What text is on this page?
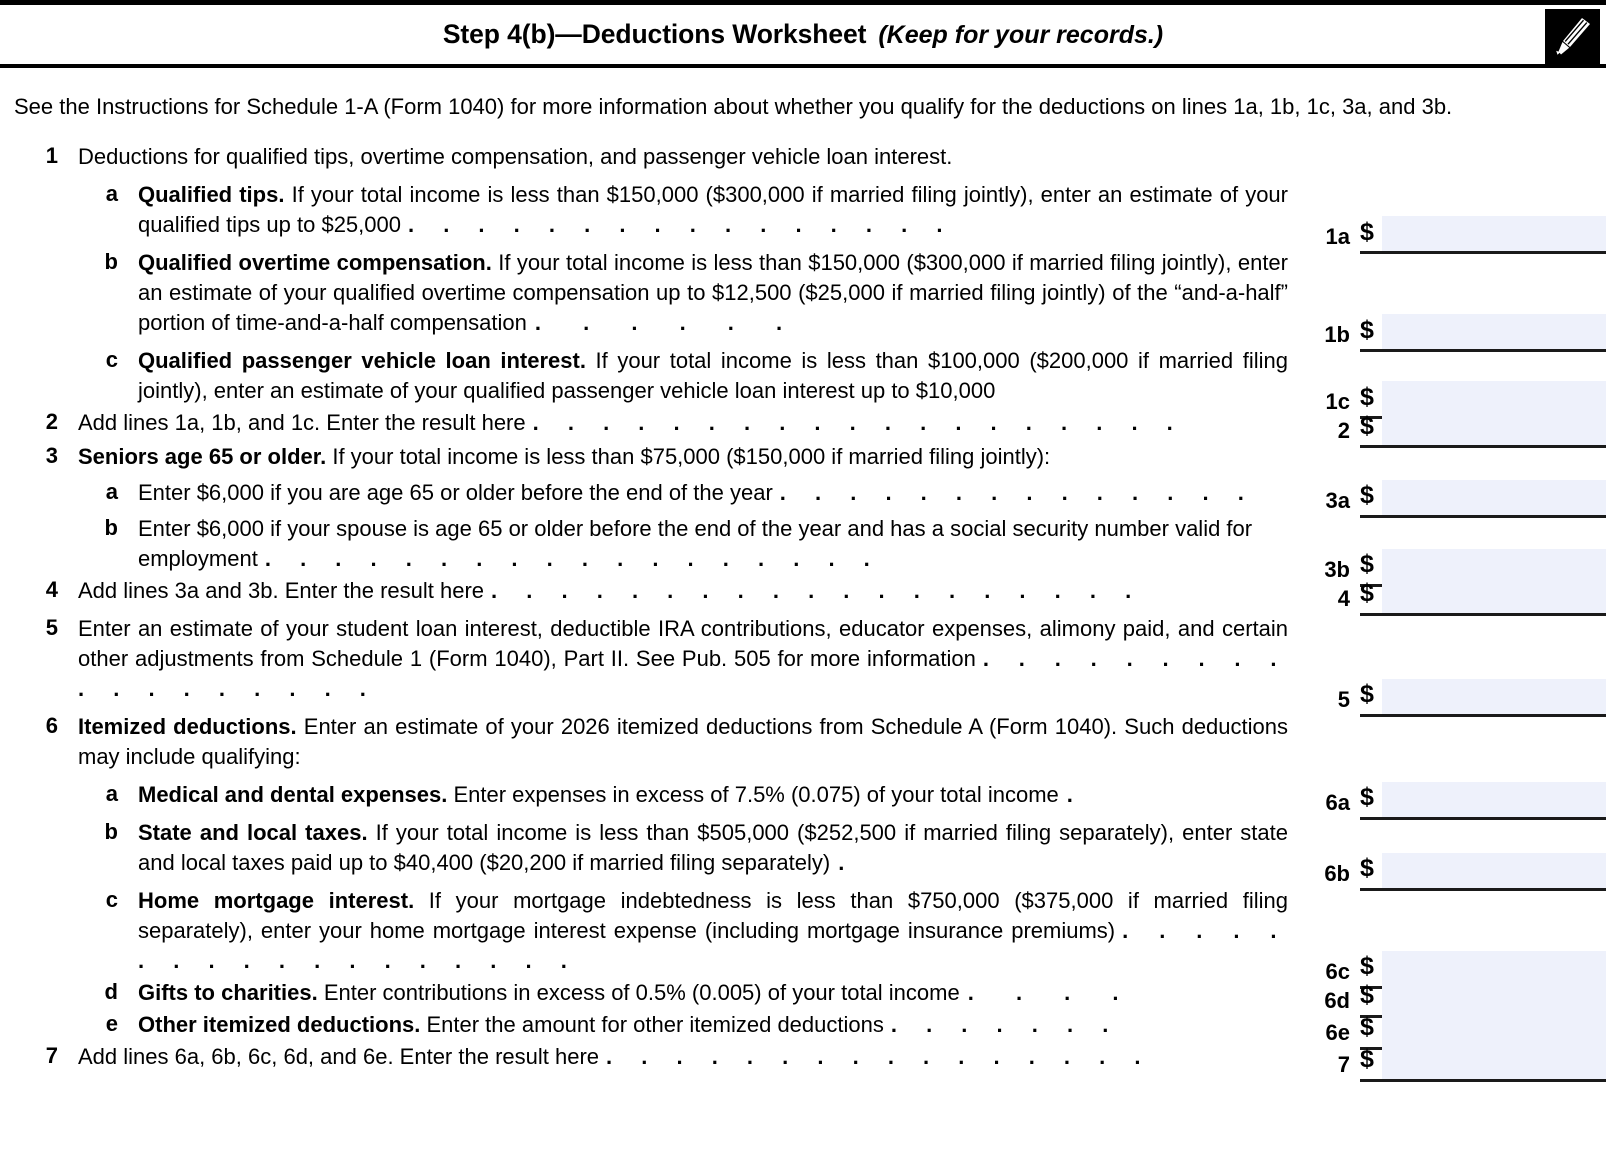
Step 4(b)—Deductions Worksheet (Keep for your records.)
See the Instructions for Schedule 1-A (Form 1040) for more information about whether you qualify for the deductions on lines 1a, 1b, 1c, 3a, and 3b.
1 Deductions for qualified tips, overtime compensation, and passenger vehicle loan interest.
a Qualified tips. If your total income is less than $150,000 ($300,000 if married filing jointly), enter an estimate of your qualified tips up to $25,000 . . . . . . . . . . . . . . . .	1a $
b Qualified overtime compensation. If your total income is less than $150,000 ($300,000 if married filing jointly), enter an estimate of your qualified overtime compensation up to $12,500 ($25,000 if married filing jointly) of the “and-a-half” portion of time-and-a-half compensation . . . . . .	1b $
c Qualified passenger vehicle loan interest. If your total income is less than $100,000 ($200,000 if married filing jointly), enter an estimate of your qualified passenger vehicle loan interest up to $10,000	1c $
2 Add lines 1a, 1b, and 1c. Enter the result here . . . . . . . . . . . . . . . . . . .	2 $
3 Seniors age 65 or older. If your total income is less than $75,000 ($150,000 if married filing jointly):
a Enter $6,000 if you are age 65 or older before the end of the year . . . . . . . . . . . . . .	3a $
b Enter $6,000 if your spouse is age 65 or older before the end of the year and has a social security number valid for employment . . . . . . . . . . . . . . . . . .	3b $
4 Add lines 3a and 3b. Enter the result here . . . . . . . . . . . . . . . . . . .	4 $
5 Enter an estimate of your student loan interest, deductible IRA contributions, educator expenses, alimony paid, and certain other adjustments from Schedule 1 (Form 1040), Part II. See Pub. 505 for more information . . . . . . . . . . . . . . . . . .	5 $
6 Itemized deductions. Enter an estimate of your 2026 itemized deductions from Schedule A (Form 1040). Such deductions may include qualifying:
a Medical and dental expenses. Enter expenses in excess of 7.5% (0.075) of your total income .	6a $
b State and local taxes. If your total income is less than $505,000 ($252,500 if married filing separately), enter state and local taxes paid up to $40,400 ($20,200 if married filing separately) .	6b $
c Home mortgage interest. If your mortgage indebtedness is less than $750,000 ($375,000 if married filing separately), enter your home mortgage interest expense (including mortgage insurance premiums) . . . . . . . . . . . . . . . . . .	6c $
d Gifts to charities. Enter contributions in excess of 0.5% (0.005) of your total income . . . .	6d $
e Other itemized deductions. Enter the amount for other itemized deductions . . . . . . .	6e $
7 Add lines 6a, 6b, 6c, 6d, and 6e. Enter the result here . . . . . . . . . . . . . . . .	7 $
